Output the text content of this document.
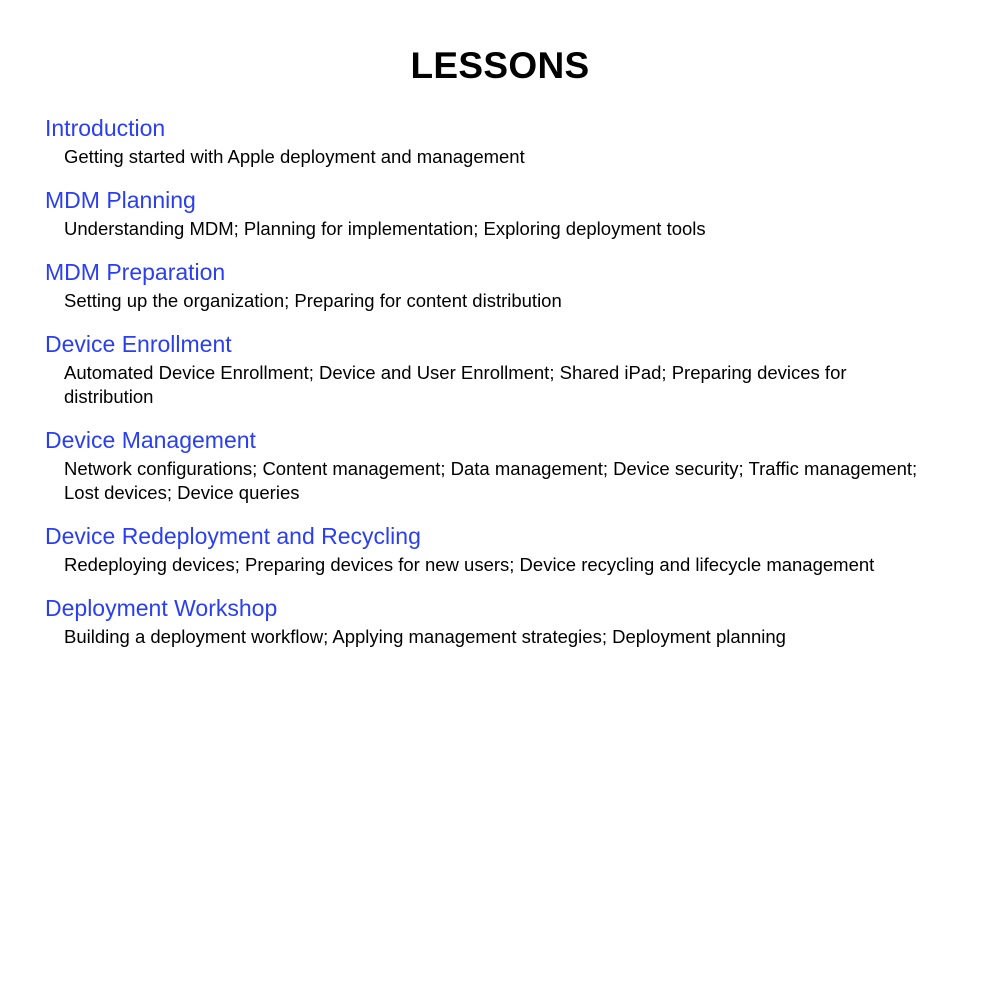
LESSONS
Introduction
Getting started with Apple deployment and management
MDM Planning
Understanding MDM; Planning for implementation; Exploring deployment tools
MDM Preparation
Setting up the organization; Preparing for content distribution
Device Enrollment
Automated Device Enrollment; Device and User Enrollment; Shared iPad; Preparing devices for distribution
Device Management
Network configurations; Content management; Data management; Device security; Traffic management; Lost devices; Device queries
Device Redeployment and Recycling
Redeploying devices; Preparing devices for new users; Device recycling and lifecycle management
Deployment Workshop
Building a deployment workflow; Applying management strategies; Deployment planning
